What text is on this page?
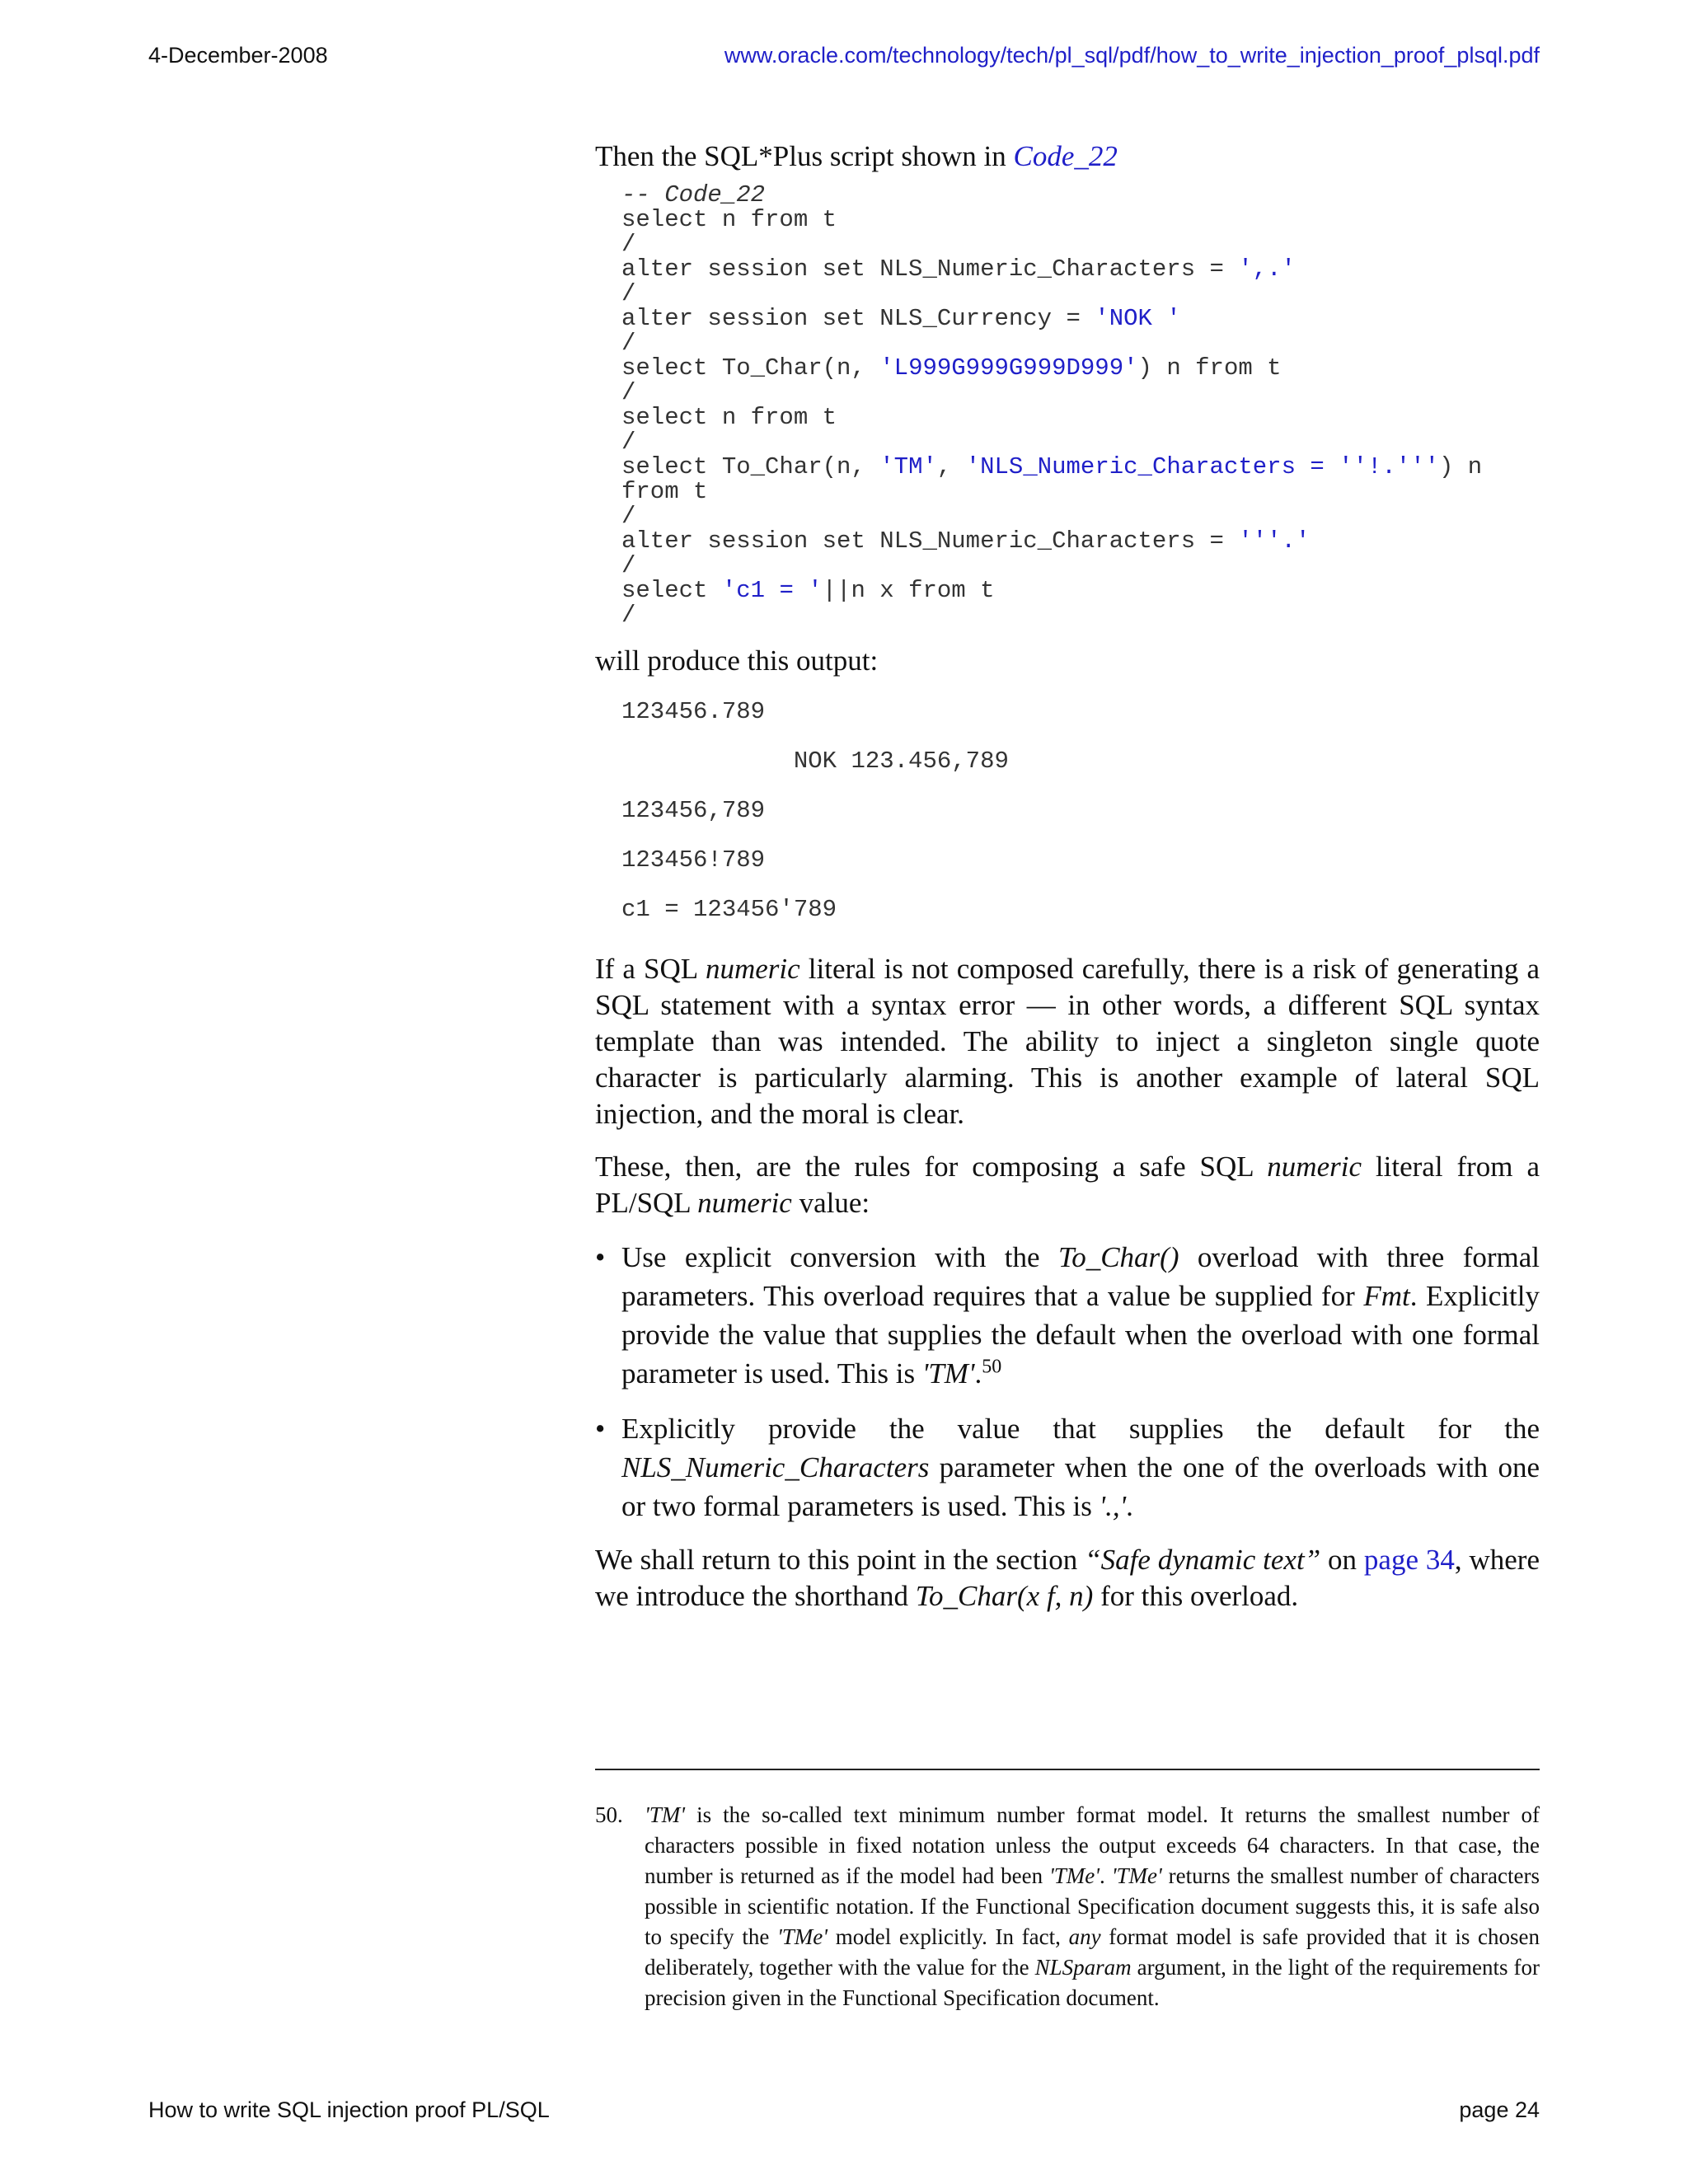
4-December-2008	www.oracle.com/technology/tech/pl_sql/pdf/how_to_write_injection_proof_plsql.pdf

Then the SQL*Plus script shown in Code_22

-- Code_22
select n from t
/
alter session set NLS_Numeric_Characters = ',.'
/
alter session set NLS_Currency = 'NOK '
/
select To_Char(n, 'L999G999G999D999') n from t
/
select n from t
/
select To_Char(n, 'TM', 'NLS_Numeric_Characters = ''!.''') n
from t
/
alter session set NLS_Numeric_Characters = '''.'
/
select 'c1 = '||n x from t
/

will produce this output:

123456.789
NOK 123.456,789
123456,789
123456!789
c1 = 123456'789

If a SQL numeric literal is not composed carefully, there is a risk of generating a SQL statement with a syntax error — in other words, a different SQL syntax template than was intended. The ability to inject a singleton single quote character is particularly alarming. This is another example of lateral SQL injection, and the moral is clear.

These, then, are the rules for composing a safe SQL numeric literal from a PL/SQL numeric value:

• Use explicit conversion with the To_Char() overload with three formal parameters. This overload requires that a value be supplied for Fmt. Explicitly provide the value that supplies the default when the overload with one formal parameter is used. This is 'TM'.$^{50}$
• Explicitly provide the value that supplies the default for the NLS_Numeric_Characters parameter when the one of the overloads with one or two formal parameters is used. This is '.,'.

We shall return to this point in the section “Safe dynamic text” on page 34, where we introduce the shorthand To_Char(x f, n) for this overload.

50. 'TM' is the so-called text minimum number format model. It returns the smallest number of characters possible in fixed notation unless the output exceeds 64 characters. In that case, the number is returned as if the model had been 'TMe'. 'TMe' returns the smallest number of characters possible in scientific notation. If the Functional Specification document suggests this, it is safe also to specify the 'TMe' model explicitly. In fact, any format model is safe provided that it is chosen deliberately, together with the value for the NLSparam argument, in the light of the requirements for precision given in the Functional Specification document.
How to write SQL injection proof PL/SQL	page 24
